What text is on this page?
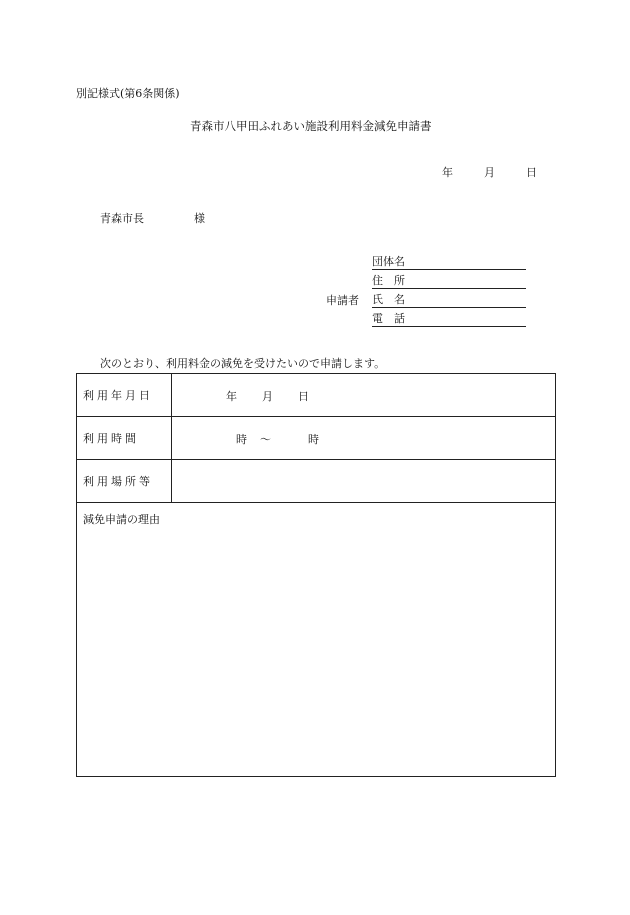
別記様式(第6条関係)
青森市八甲田ふれあい施設利用料金減免申請書
年	月	日
青森市長	様
団体名
住　所
申請者 氏　名
電　話
次のとおり、利用料金の減免を受けたいので申請します。
利用年月日	年 月 日

利用時間	時 〜 時

利用場所等	
減免申請の理由	
